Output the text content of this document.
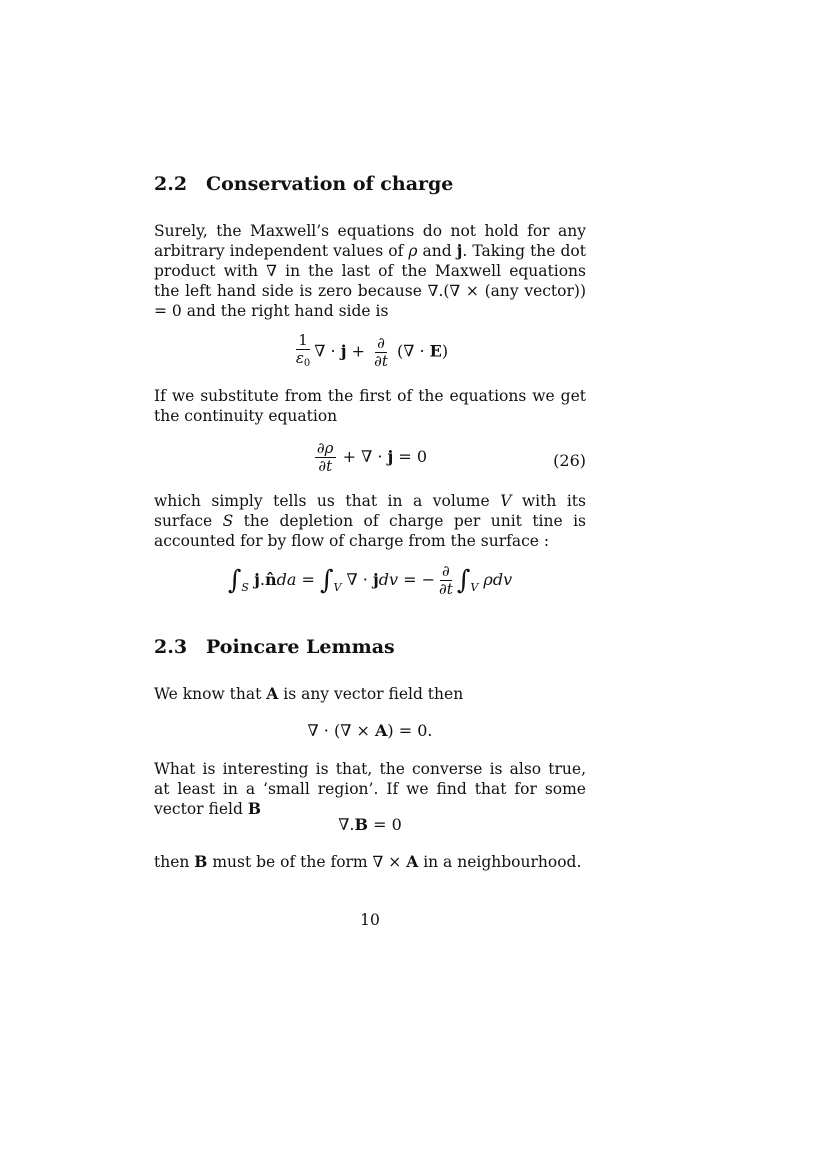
2.2 Conservation of charge

Surely, the Maxwell’s equations do not hold for any arbitrary independent values of ρ and j. Taking the dot product with ∇ in the last of the Maxwell equations the left hand side is zero because ∇.(∇ × (any vector)) = 0 and the right hand side is

$\frac{1}{\varepsilon_0}$ ∇ · $j + \frac{\partial}{\partial t}$ (∇ · E)

If we substitute from the first of the equations we get the continuity equation

$\frac{\partial\rho}{\partial t}$ + ∇ · j = 0	(26)

which simply tells us that in a volume V with its surface S the depletion of charge per unit tine is accounted for by flow of charge from the surface :

$\int_S$ j.n̂da = $\int_V$ ∇ · jdv = − $\frac{\partial}{\partial t} \int_V$ ρdv
2.3 Poincare Lemmas

We know that A is any vector field then

∇ · (∇ × A) = 0.

What is interesting is that, the converse is also true, at least in a ‘small region’. If we find that for some vector field B

∇.B = 0

then B must be of the form ∇ × A in a neighbourhood.

10
